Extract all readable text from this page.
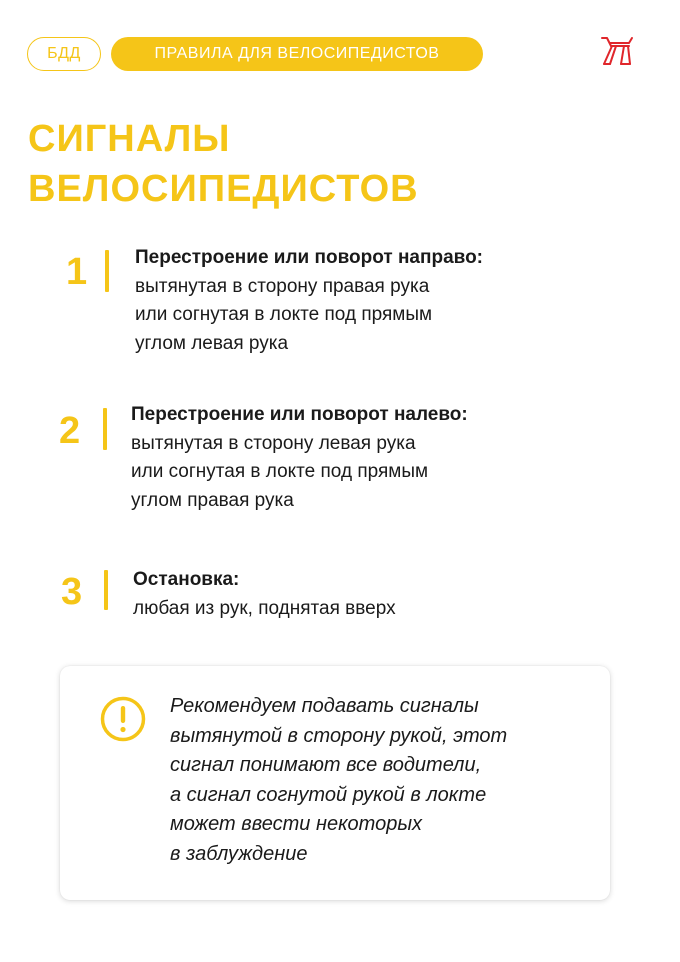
БДД	ПРАВИЛА ДЛЯ ВЕЛОСИПЕДИСТОВ
СИГНАЛЫ
ВЕЛОСИПЕДИСТОВ
1	Перестроение или поворот направо:
вытянутая в сторону правая рука
или согнутая в локте под прямым
углом левая рука
2	Перестроение или поворот налево:
вытянутая в сторону левая рука
или согнутая в локте под прямым
углом правая рука
3	Остановка:
любая из рук, поднятая вверх
Рекомендуем подавать сигналы
вытянутой в сторону рукой, этот
сигнал понимают все водители,
а сигнал согнутой рукой в локте
может ввести некоторых
в заблуждение
